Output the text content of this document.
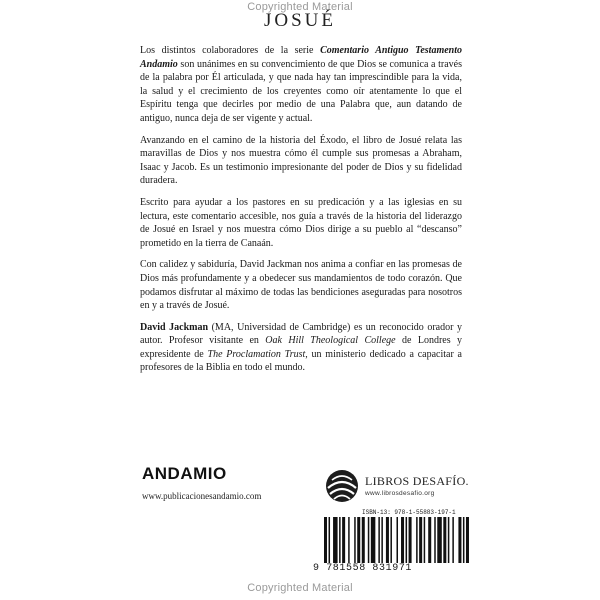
Copyrighted Material
JOSUÉ

Los distintos colaboradores de la serie Comentario Antiguo Testamento Andamio son unánimes en su convencimiento de que Dios se comunica a través de la palabra por Él articulada, y que nada hay tan imprescindible para la vida, la salud y el crecimiento de los creyentes como oír atentamente lo que el Espíritu tenga que decirles por medio de una Palabra que, aun datando de antiguo, nunca deja de ser vigente y actual.

Avanzando en el camino de la historia del Éxodo, el libro de Josué relata las maravillas de Dios y nos muestra cómo él cumple sus promesas a Abraham, Isaac y Jacob. Es un testimonio impresionante del poder de Dios y su fidelidad duradera.

Escrito para ayudar a los pastores en su predicación y a las iglesias en su lectura, este comentario accesible, nos guía a través de la historia del liderazgo de Josué en Israel y nos muestra cómo Dios dirige a su pueblo al “descanso” prometido en la tierra de Canaán.

Con calidez y sabiduría, David Jackman nos anima a confiar en las promesas de Dios más profundamente y a obedecer sus mandamientos de todo corazón. Que podamos disfrutar al máximo de todas las bendiciones aseguradas para nosotros en y a través de Josué.

David Jackman (MA, Universidad de Cambridge) es un reconocido orador y autor. Profesor visitante en Oak Hill Theological College de Londres y expresidente de The Proclamation Trust, un ministerio dedicado a capacitar a profesores de la Biblia en todo el mundo.

ANDAMIO
www.publicacionesandamio.com
LIBROS DESAFÍO.
www.librosdesafio.org
ISBN-13: 978-1-55883-197-1
9 781558 831971
Copyrighted Material
